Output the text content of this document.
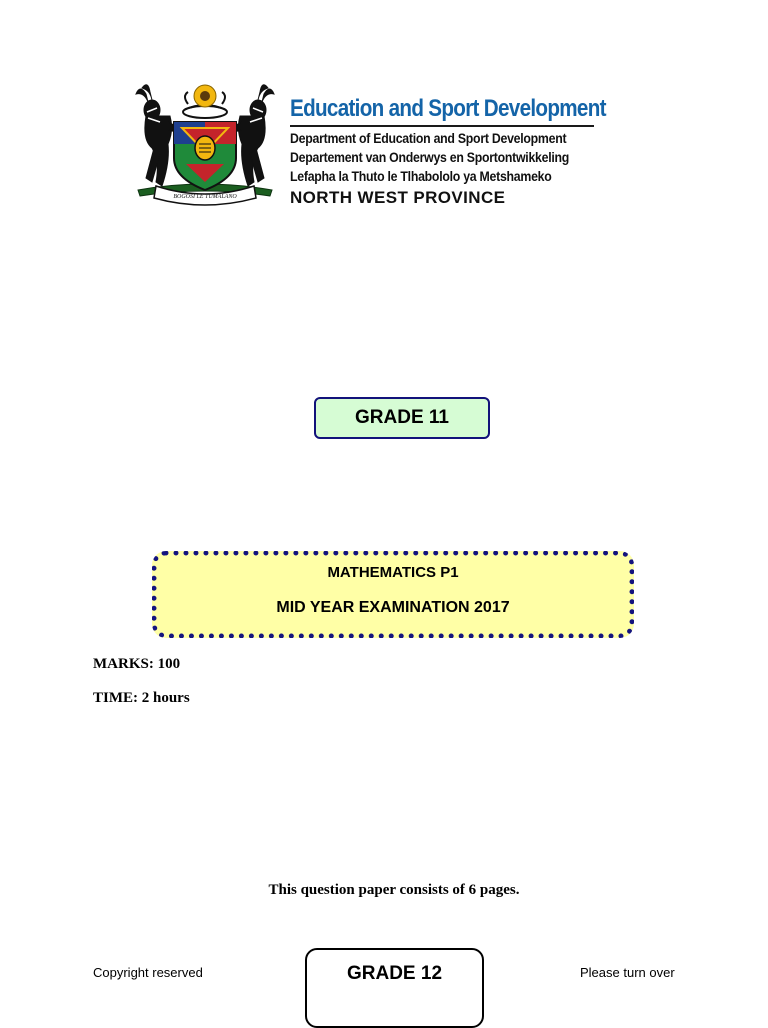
BOGOSI LE TUMALANO
Education and Sport Development
Department of Education and Sport Development
Departement van Onderwys en Sportontwikkeling
Lefapha la Thuto le Tlhabololo ya Metshameko
NORTH WEST PROVINCE
GRADE 11
MATHEMATICS P1
MID YEAR EXAMINATION 2017
MARKS: 100
TIME: 2 hours
This question paper consists of 6 pages.
Copyright reserved	GRADE 12	Please turn over
